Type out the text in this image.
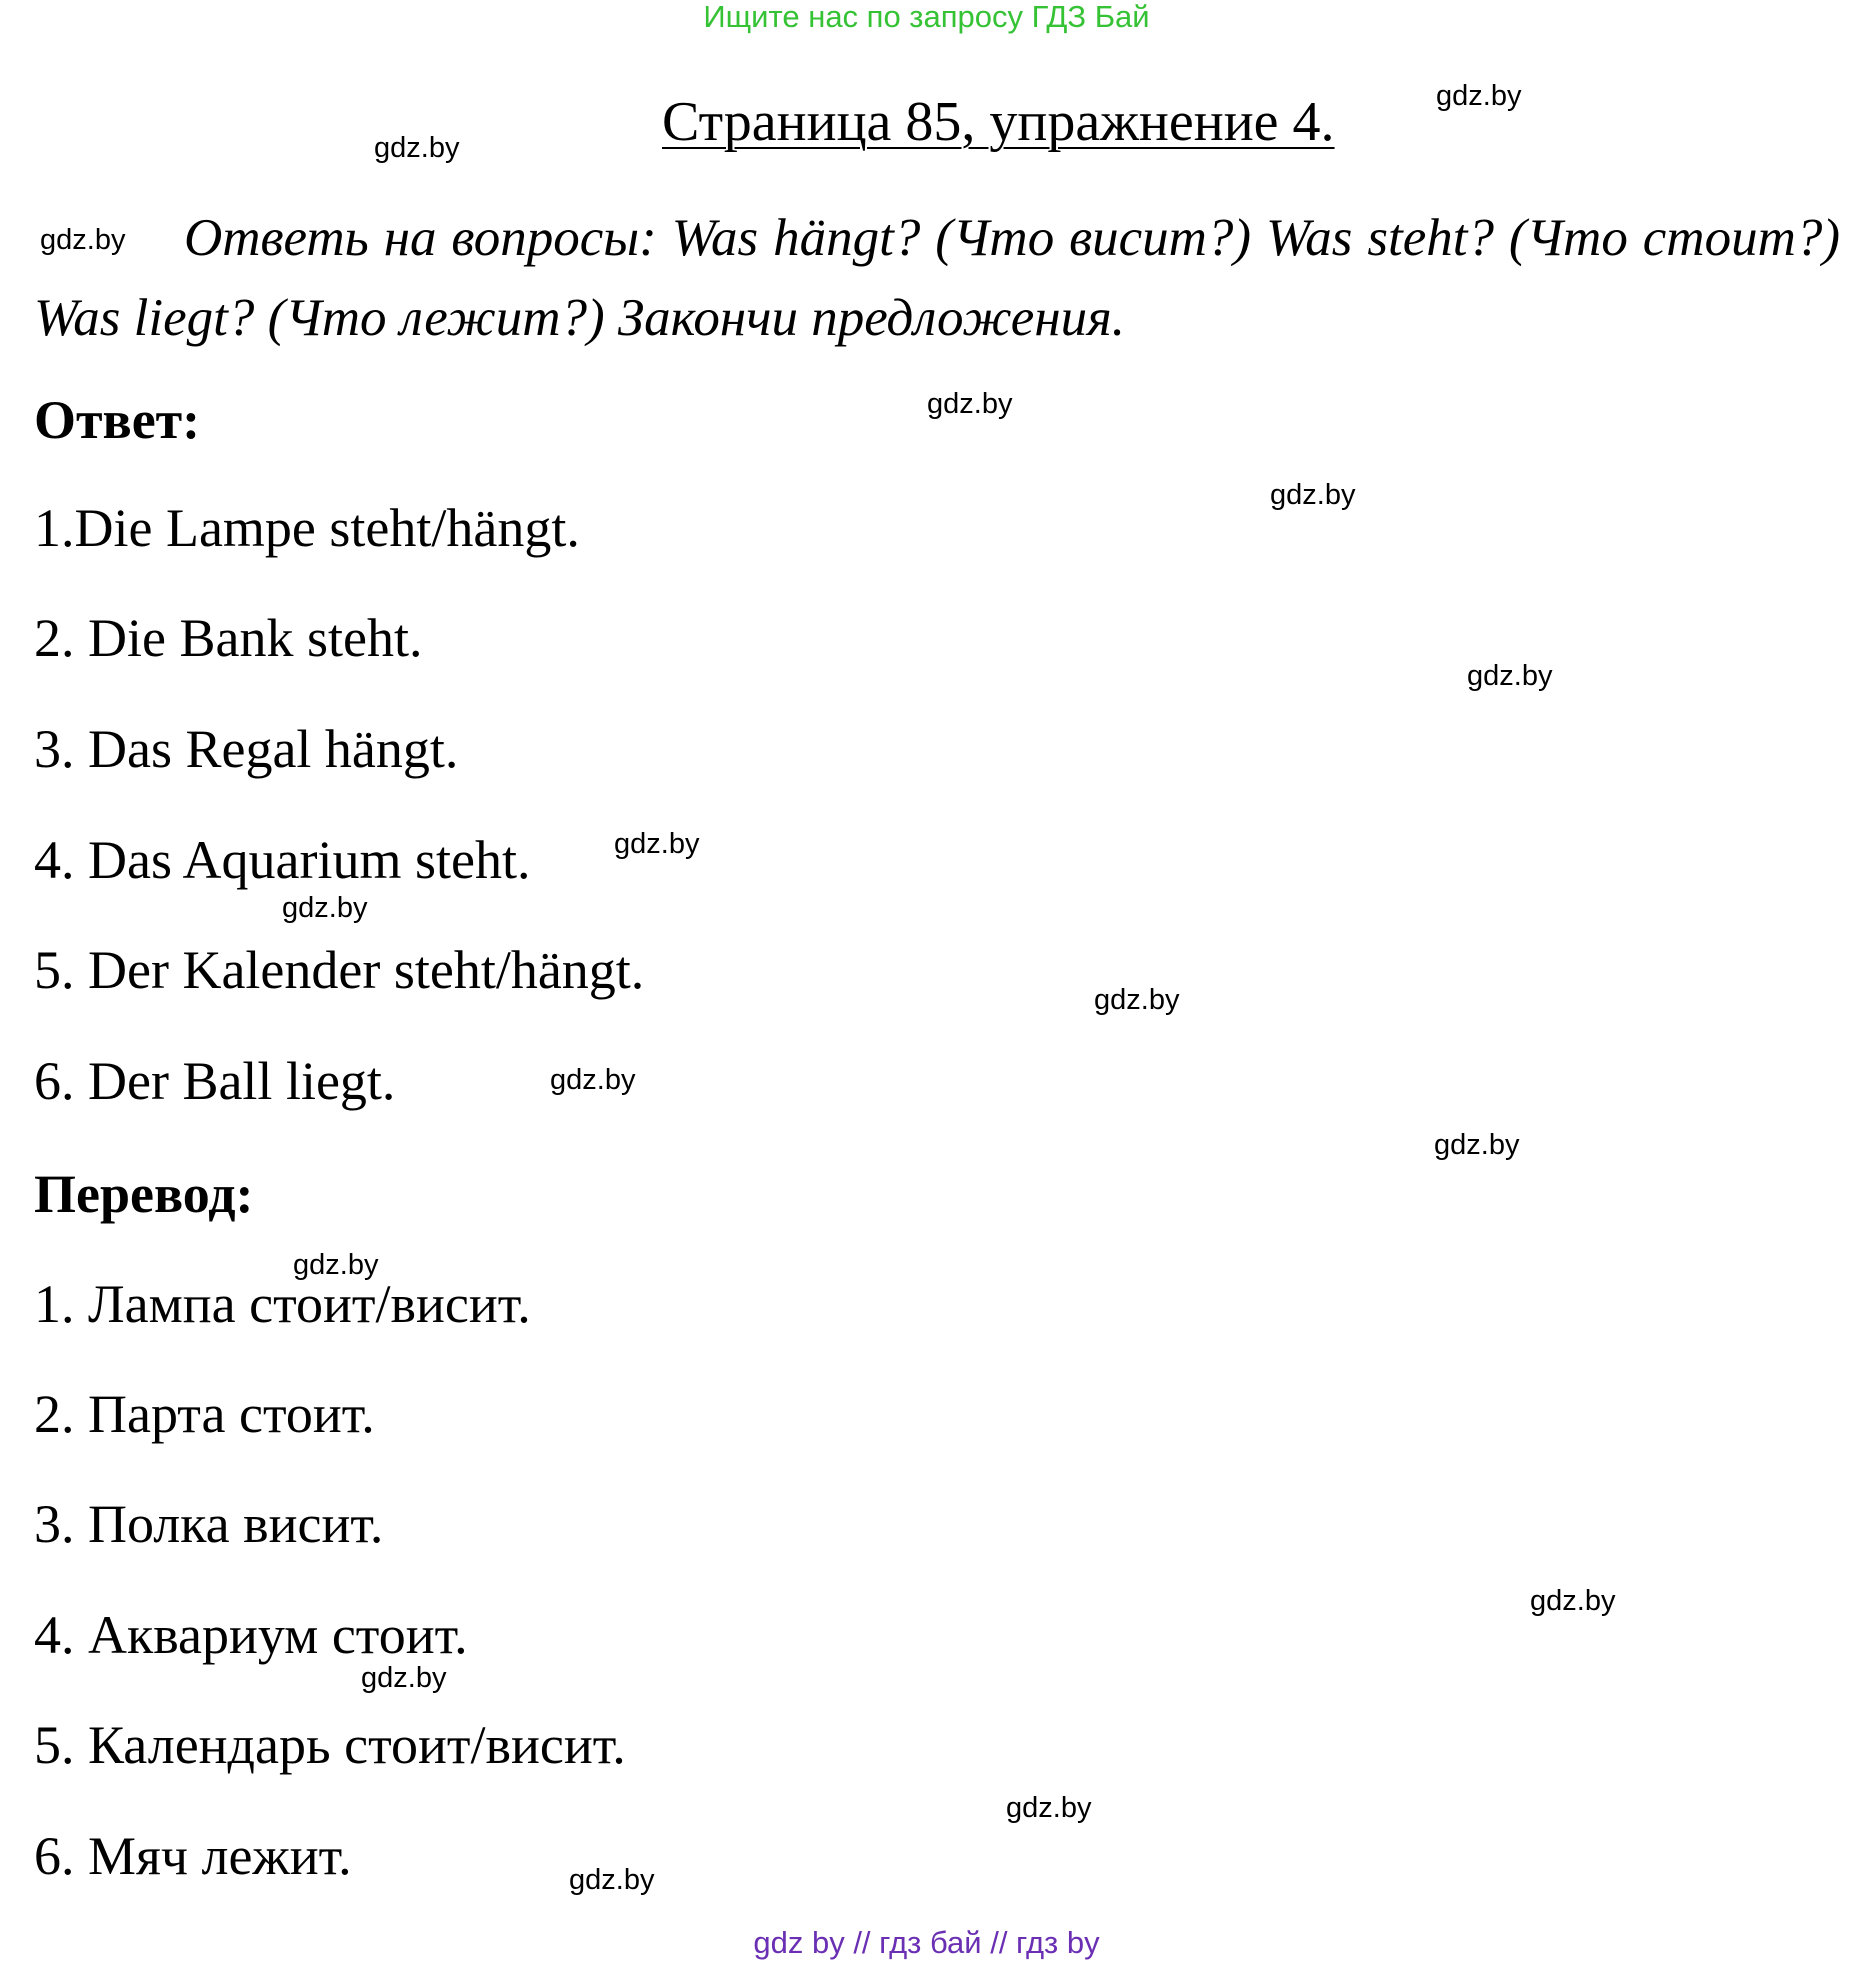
Ищите нас по запросу ГДЗ Бай
Страница 85, упражнение 4.

Ответь на вопросы: Was hängt? (Что висит?) Was steht? (Что стоит?) Was liegt? (Что лежит?) Закончи предложения.

Ответ:
1.Die Lampe steht/hängt.
2. Die Bank steht.
3. Das Regal hängt.
4. Das Aquarium steht.
5. Der Kalender steht/hängt.
6. Der Ball liegt.
Перевод:
1. Лампа стоит/висит.
2. Парта стоит.
3. Полка висит.
4. Аквариум стоит.
5. Календарь стоит/висит.
6. Мяч лежит.
gdz.by
gdz.by
gdz.by
gdz.by
gdz.by
gdz.by
gdz.by
gdz.by
gdz.by
gdz.by
gdz.by
gdz.by
gdz.by
gdz.by
gdz.by
gdz.by
gdz by // гдз бай // гдз by
